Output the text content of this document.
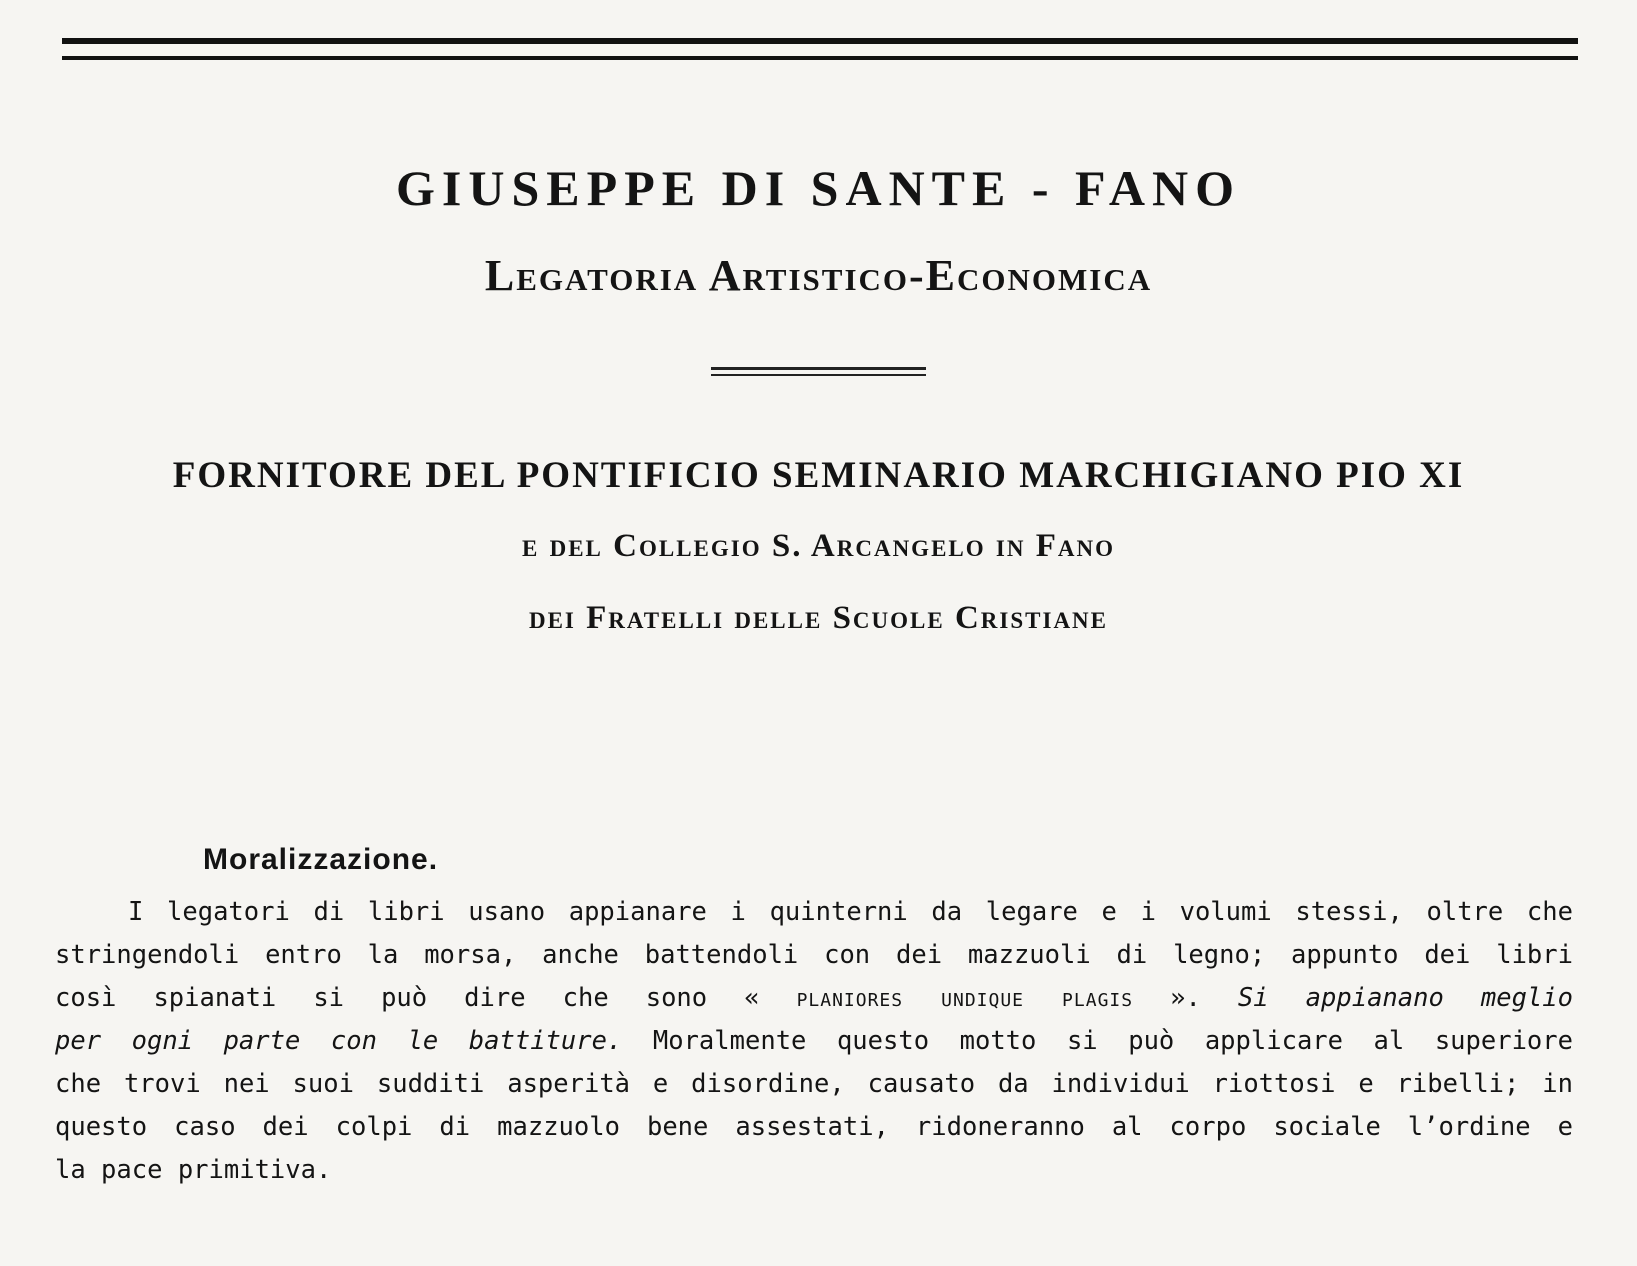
GIUSEPPE DI SANTE - FANO
Legatoria Artistico-Economica
FORNITORE DEL PONTIFICIO SEMINARIO MARCHIGIANO PIO XI
e del Collegio S. Arcangelo in Fano
dei Fratelli delle Scuole Cristiane
Moralizzazione.
I legatori di libri usano appianare i quinterni da legare e i volumi stessi, oltre che
stringendoli entro la morsa, anche battendoli con dei mazzuoli di legno; appunto dei libri
così spianati si può dire che sono « planiores undique plagis ». Si appianano meglio
per ogni parte con le battiture. Moralmente questo motto si può applicare al superiore
che trovi nei suoi sudditi asperità e disordine, causato da individui riottosi e ribelli; in
questo caso dei colpi di mazzuolo bene assestati, ridoneranno al corpo sociale l’ordine e
la pace primitiva.
